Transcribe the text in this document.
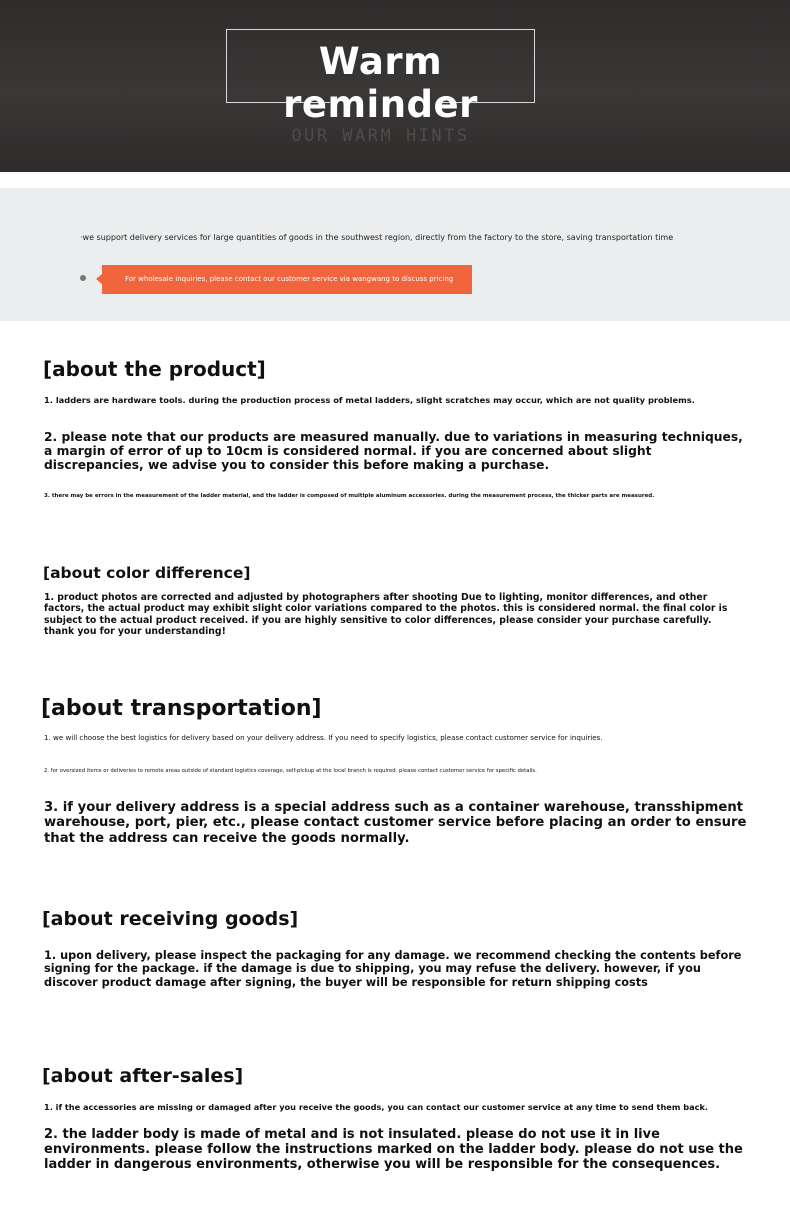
Warm reminder
OUR WARM HINTS
·we support delivery services for large quantities of goods in the southwest region, directly from the factory to the store, saving transportation time
For wholesale inquiries, please contact our customer service via wangwang to discuss pricing
[about the product]
1. ladders are hardware tools. during the production process of metal ladders, slight scratches may occur, which are not quality problems.
2. please note that our products are measured manually. due to variations in measuring techniques, a margin of error of up to 10cm is considered normal. if you are concerned about slight discrepancies, we advise you to consider this before making a purchase.
3. there may be errors in the measurement of the ladder material, and the ladder is composed of multiple aluminum accessories. during the measurement process, the thicker parts are measured.
[about color difference]
1. product photos are corrected and adjusted by photographers after shooting Due to lighting, monitor differences, and other factors, the actual product may exhibit slight color variations compared to the photos. this is considered normal. the final color is subject to the actual product received. if you are highly sensitive to color differences, please consider your purchase carefully. thank you for your understanding!
[about transportation]
1. we will choose the best logistics for delivery based on your delivery address. If you need to specify logistics, please contact customer service for inquiries.
2. for oversized items or deliveries to remote areas outside of standard logistics coverage, self-pickup at the local branch is required. please contact customer service for specific details.
3. if your delivery address is a special address such as a container warehouse, transshipment warehouse, port, pier, etc., please contact customer service before placing an order to ensure that the address can receive the goods normally.
[about receiving goods]
1. upon delivery, please inspect the packaging for any damage. we recommend checking the contents before signing for the package. if the damage is due to shipping, you may refuse the delivery. however, if you discover product damage after signing, the buyer will be responsible for return shipping costs
[about after-sales]
1. if the accessories are missing or damaged after you receive the goods, you can contact our customer service at any time to send them back.
2. the ladder body is made of metal and is not insulated. please do not use it in live environments. please follow the instructions marked on the ladder body. please do not use the ladder in dangerous environments, otherwise you will be responsible for the consequences.
